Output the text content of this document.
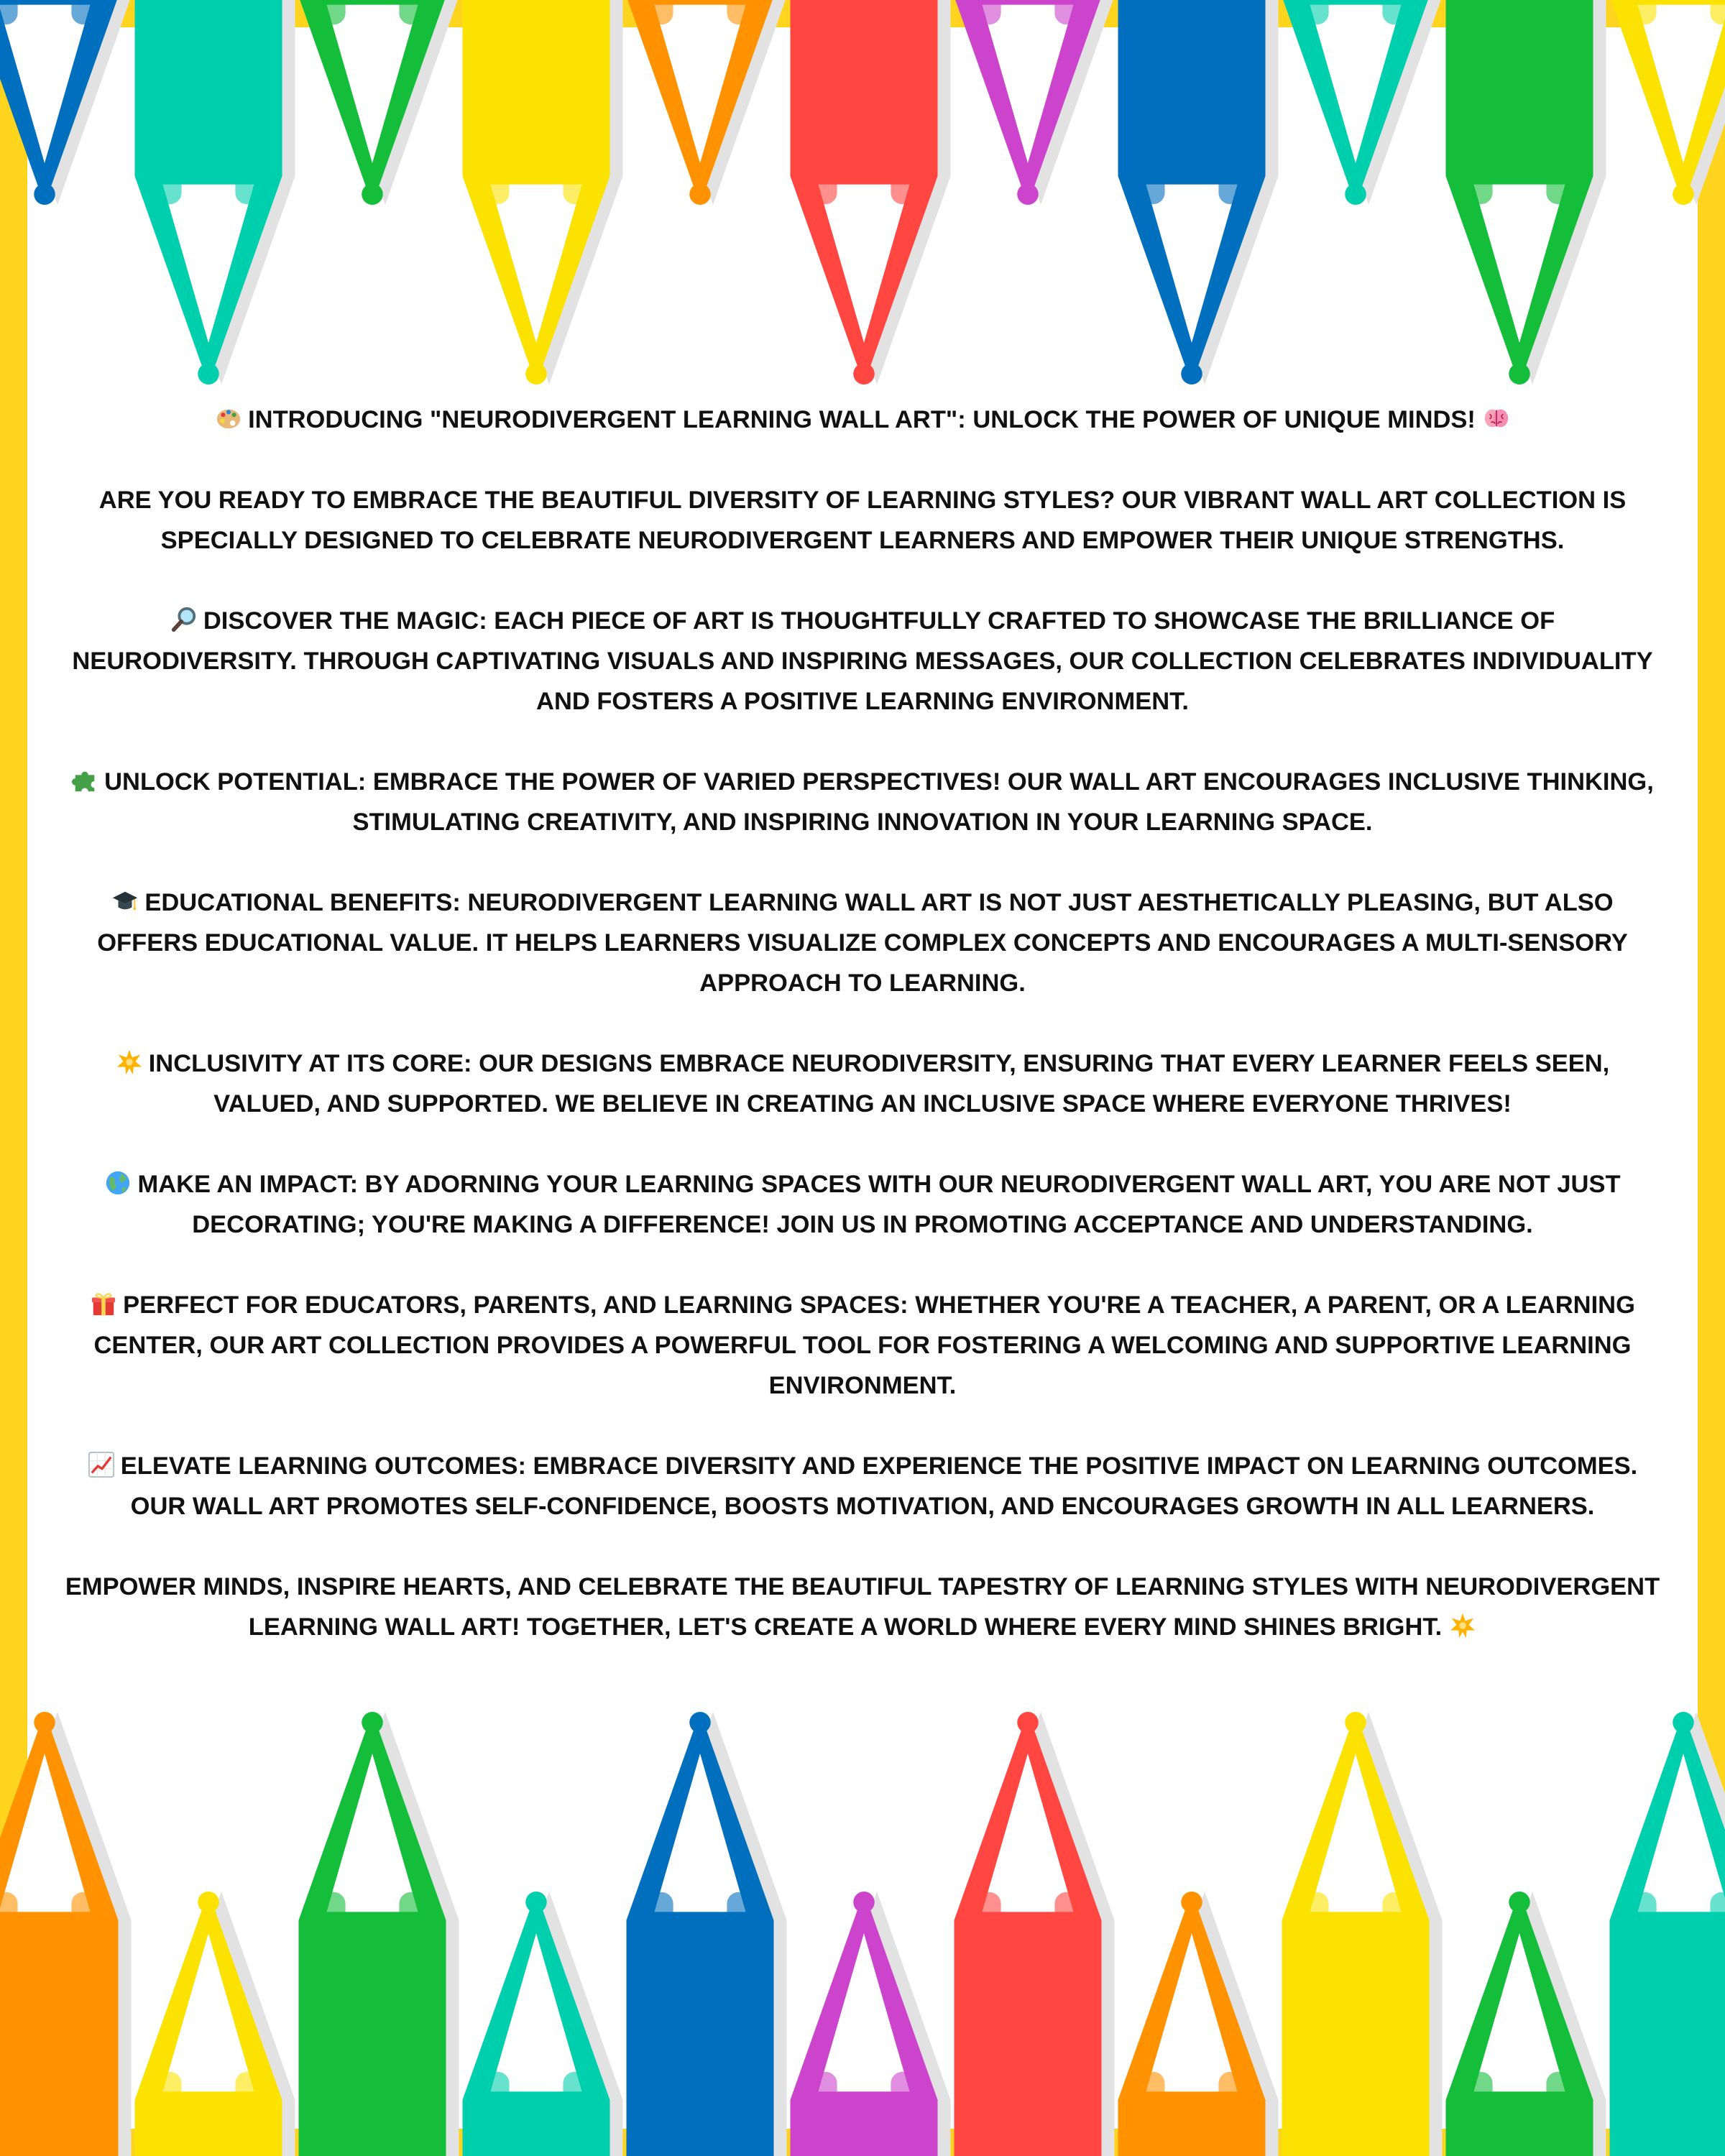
INTRODUCING "NEURODIVERGENT LEARNING WALL ART": UNLOCK THE POWER OF UNIQUE MINDS!

ARE YOU READY TO EMBRACE THE BEAUTIFUL DIVERSITY OF LEARNING STYLES? OUR VIBRANT WALL ART COLLECTION IS SPECIALLY DESIGNED TO CELEBRATE NEURODIVERGENT LEARNERS AND EMPOWER THEIR UNIQUE STRENGTHS.

DISCOVER THE MAGIC: EACH PIECE OF ART IS THOUGHTFULLY CRAFTED TO SHOWCASE THE BRILLIANCE OF NEURODIVERSITY. THROUGH CAPTIVATING VISUALS AND INSPIRING MESSAGES, OUR COLLECTION CELEBRATES INDIVIDUALITY AND FOSTERS A POSITIVE LEARNING ENVIRONMENT.

UNLOCK POTENTIAL: EMBRACE THE POWER OF VARIED PERSPECTIVES! OUR WALL ART ENCOURAGES INCLUSIVE THINKING, STIMULATING CREATIVITY, AND INSPIRING INNOVATION IN YOUR LEARNING SPACE.

EDUCATIONAL BENEFITS: NEURODIVERGENT LEARNING WALL ART IS NOT JUST AESTHETICALLY PLEASING, BUT ALSO OFFERS EDUCATIONAL VALUE. IT HELPS LEARNERS VISUALIZE COMPLEX CONCEPTS AND ENCOURAGES A MULTI-SENSORY APPROACH TO LEARNING.

INCLUSIVITY AT ITS CORE: OUR DESIGNS EMBRACE NEURODIVERSITY, ENSURING THAT EVERY LEARNER FEELS SEEN, VALUED, AND SUPPORTED. WE BELIEVE IN CREATING AN INCLUSIVE SPACE WHERE EVERYONE THRIVES!

MAKE AN IMPACT: BY ADORNING YOUR LEARNING SPACES WITH OUR NEURODIVERGENT WALL ART, YOU ARE NOT JUST DECORATING; YOU'RE MAKING A DIFFERENCE! JOIN US IN PROMOTING ACCEPTANCE AND UNDERSTANDING.

PERFECT FOR EDUCATORS, PARENTS, AND LEARNING SPACES: WHETHER YOU'RE A TEACHER, A PARENT, OR A LEARNING CENTER, OUR ART COLLECTION PROVIDES A POWERFUL TOOL FOR FOSTERING A WELCOMING AND SUPPORTIVE LEARNING ENVIRONMENT.

ELEVATE LEARNING OUTCOMES: EMBRACE DIVERSITY AND EXPERIENCE THE POSITIVE IMPACT ON LEARNING OUTCOMES. OUR WALL ART PROMOTES SELF-CONFIDENCE, BOOSTS MOTIVATION, AND ENCOURAGES GROWTH IN ALL LEARNERS.

EMPOWER MINDS, INSPIRE HEARTS, AND CELEBRATE THE BEAUTIFUL TAPESTRY OF LEARNING STYLES WITH NEURODIVERGENT LEARNING WALL ART! TOGETHER, LET'S CREATE A WORLD WHERE EVERY MIND SHINES BRIGHT.
